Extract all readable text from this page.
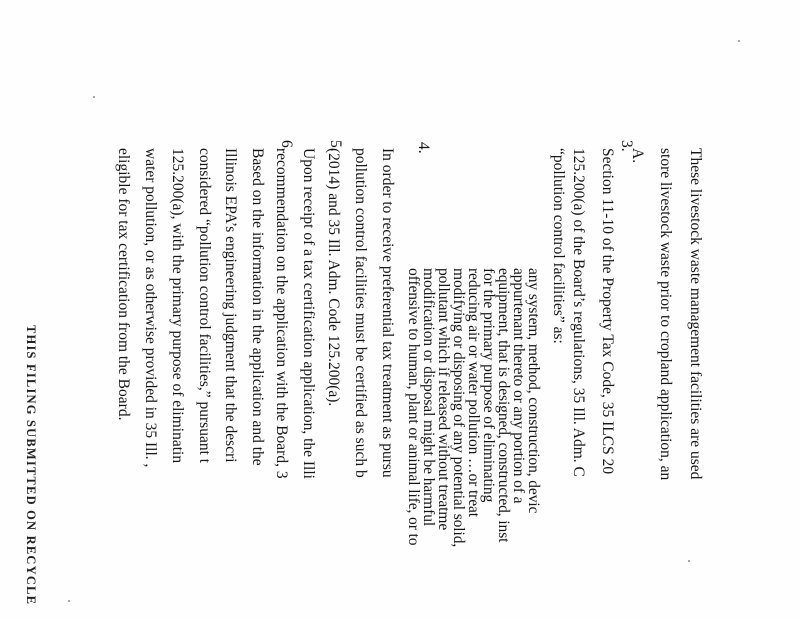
These livestock waste management facilities are used
store livestock waste prior to cropland application, an
A.
3.
Section 11-10 of the Property Tax Code, 35 ILCS 20
125.200(a) of the Board’s regulations, 35 Ill. Adm. C
“pollution control facilities” as:
any system, method, construction, devic
appurtenant thereto or any portion of a
equipment, that is designed, constructed, inst
for the primary purpose of eliminating
reducing air or water pollution …or treat
modifying or disposing of any potential solid,
pollutant which if released without treatme
modification or disposal might be harmful
offensive to human, plant or animal life, or to
4.
In order to receive preferential tax treatment as pursu
pollution control facilities must be certified as such b
(2014) and 35 Ill. Adm. Code 125.200(a).
5.
Upon receipt of a tax certification application, the Illi
recommendation on the application with the Board, 3
6.
Based on the information in the application and the
Illinois EPA’s engineering judgment that the descri
considered “pollution control facilities,” pursuant t
125.200(a), with the primary purpose of eliminatin
water pollution, or as otherwise provided in 35 Ill. ,
eligible for tax certification from the Board.
THIS FILING SUBMITTED ON RECYCLE
